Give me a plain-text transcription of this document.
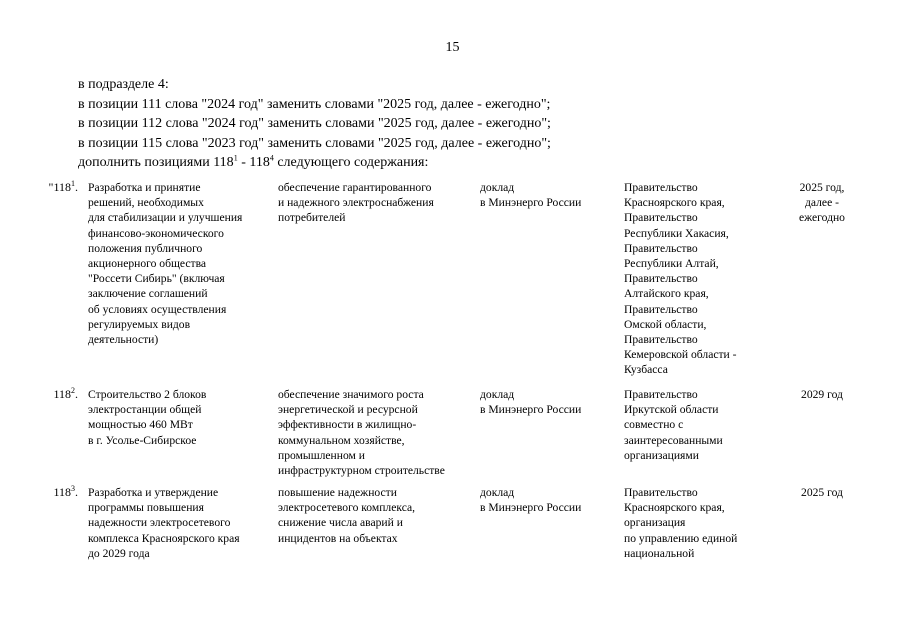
15

в подразделе 4:

в позиции 111 слова "2024 год" заменить словами "2025 год, далее - ежегодно";

в позиции 112 слова "2024 год" заменить словами "2025 год, далее - ежегодно";

в позиции 115 слова "2023 год" заменить словами "2025 год, далее - ежегодно";

дополнить позициями $118^1 - 118^4$ следующего содержания:

"$118^1$. Разработка и принятие
решений, необходимых
для стабилизации и улучшения
финансово-экономического
положения публичного
акционерного общества
"Россети Сибирь" (включая
заключение соглашений
об условиях осуществления
регулируемых видов
деятельности)
обеспечение гарантированного
и надежного электроснабжения
потребителей
доклад
в Минэнерго России
Правительство
Красноярского края,
Правительство
Республики Хакасия,
Правительство
Республики Алтай,
Правительство
Алтайского края,
Правительство
Омской области,
Правительство
Кемеровской области -
Кузбасса
2025 год,
далее -
ежегодно
$118^2$. Строительство 2 блоков
электростанции общей
мощностью 460 МВт
в г. Усолье-Сибирское
обеспечение значимого роста
энергетической и ресурсной
эффективности в жилищно-
коммунальном хозяйстве,
промышленном и
инфраструктурном строительстве
доклад
в Минэнерго России
Правительство
Иркутской области
совместно с
заинтересованными
организациями
2029 год
$118^3$. Разработка и утверждение
программы повышения
надежности электросетевого
комплекса Красноярского края
до 2029 года
повышение надежности
электросетевого комплекса,
снижение числа аварий и
инцидентов на объектах
доклад
в Минэнерго России
Правительство
Красноярского края,
организация
по управлению единой
национальной
2025 год
